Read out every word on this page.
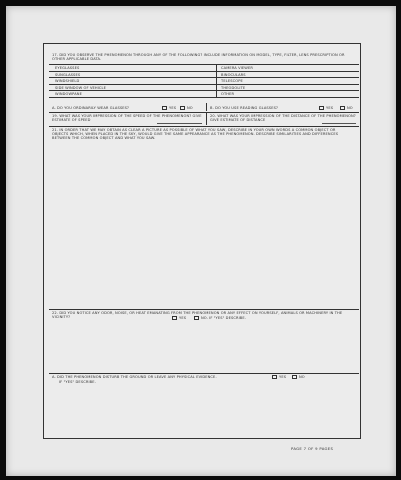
17. DID YOU OBSERVE THE PHENOMENON THROUGH ANY OF THE FOLLOWING? INCLUDE INFORMATION ON MODEL, TYPE, FILTER, LENS PRESCRIPTION OR OTHER APPLICABLE DATA.
EYEGLASSES	CAMERA VIEWER
SUNGLASSES	BINOCULARS
WINDSHIELD	TELESCOPE
SIDE WINDOW OF VEHICLE	THEODOLITE
WINDOWPANE	OTHER
A. DO YOU ORDINARILY WEAR GLASSES?	YES	NO	B. DO YOU USE READING GLASSES?	YES	NO
19. WHAT WAS YOUR IMPRESSION OF THE SPEED OF THE PHENOMENON? GIVE ESTIMATE OF SPEED
20. WHAT WAS YOUR IMPRESSION OF THE DISTANCE OF THE PHENOMENON? GIVE ESTIMATE OF DISTANCE
21. IN ORDER THAT WE MAY OBTAIN AS CLEAR A PICTURE AS POSSIBLE OF WHAT YOU SAW, DESCRIBE IN YOUR OWN WORDS A COMMON OBJECT OR OBJECTS WHICH, WHEN PLACED IN THE SKY, WOULD GIVE THE SAME APPEARANCE AS THE PHENOMENON. DESCRIBE SIMILARITIES AND DIFFERENCES BETWEEN THE COMMON OBJECT AND WHAT YOU SAW.
22. DID YOU NOTICE ANY ODOR, NOISE, OR HEAT EMANATING FROM THE PHENOMENON OR ANY EFFECT ON YOURSELF, ANIMALS OR MACHINERY IN THE VICINITY?	YES	NO. IF "YES" DESCRIBE.
A. DID THE PHENOMENON DISTURB THE GROUND OR LEAVE ANY PHYSICAL EVIDENCE.	YES	NO
IF "YES" DESCRIBE.
PAGE 7 OF 9 PAGES
